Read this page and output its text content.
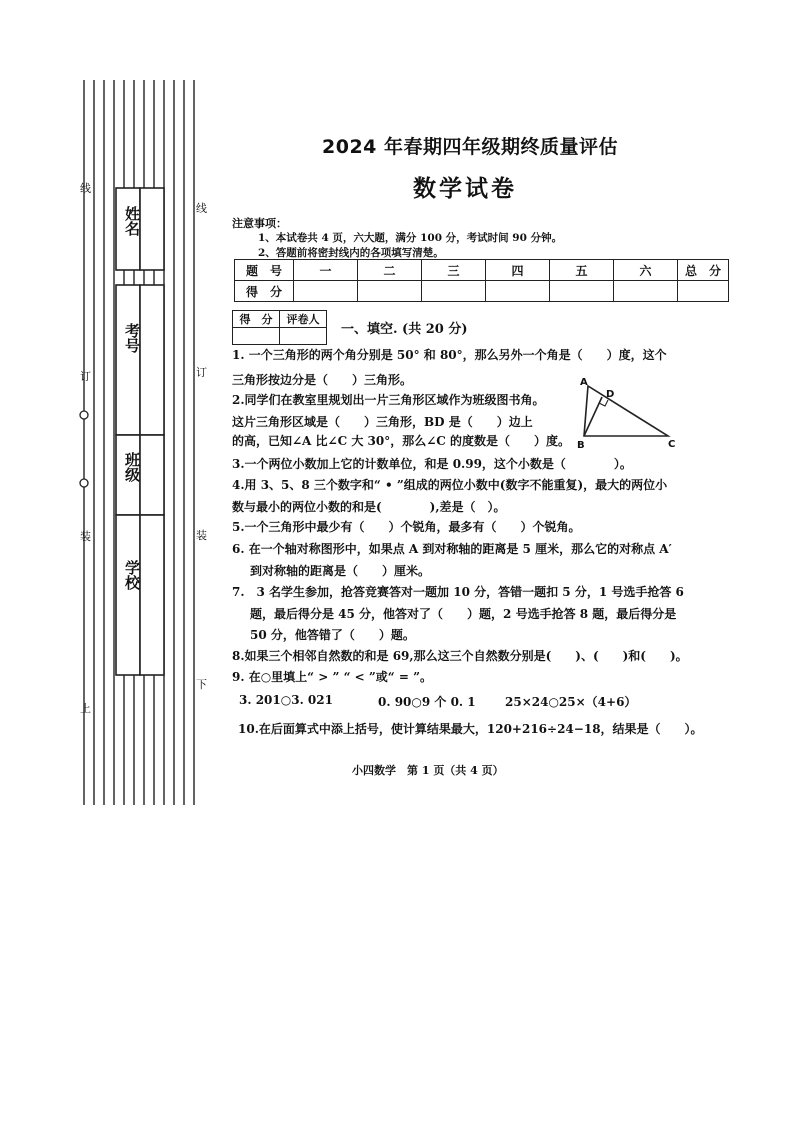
姓名
考号
班级
学校
线
订
装
上
线
订
装
下
2024 年春期四年级期终质量评估
数学试卷
注意事项：
1、本试卷共 4 页，六大题，满分 100 分，考试时间 90 分钟。
2、答题前将密封线内的各项填写清楚。
题　号	一	二	三	四	五	六	总　分
得　分							
得　分	评卷人

一、填空. (共 20 分)
1. 一个三角形的两个角分别是 50° 和 80°，那么另外一个角是（　　）度，这个
三角形按边分是（　　）三角形。
2.同学们在教室里规划出一片三角形区域作为班级图书角。
这片三角形区域是（　　）三角形，BD 是（　　）边上
的高，已知∠A 比∠C 大 30°，那么∠C 的度数是（　　）度。
A
D
B	C
3.一个两位小数加上它的计数单位，和是 0.99，这个小数是（　　　　）。
4.用 3、5、8 三个数字和“ • ”组成的两位小数中(数字不能重复)，最大的两位小
数与最小的两位小数的和是(　　　　),差是（　）。
5.一个三角形中最少有（　　）个锐角，最多有（　　）个锐角。
6. 在一个轴对称图形中，如果点 A 到对称轴的距离是 5 厘米，那么它的对称点 A′
到对称轴的距离是（　　）厘米。
7.　3 名学生参加，抢答竞赛答对一题加 10 分，答错一题扣 5 分，1 号选手抢答 6
题，最后得分是 45 分，他答对了（　　）题，2 号选手抢答 8 题，最后得分是
50 分，他答错了（　　）题。
8.如果三个相邻自然数的和是 69,那么这三个自然数分别是(　　)、(　　)和(　　)。
9. 在○里填上“ > ” “ < ”或“ = ”。
3. 201○3. 021	0. 90○9 个 0. 1 25×24○25×（4+6）
10.在后面算式中添上括号，使计算结果最大，120+216÷24−18，结果是（　　）。
小四数学　第 1 页（共 4 页）
